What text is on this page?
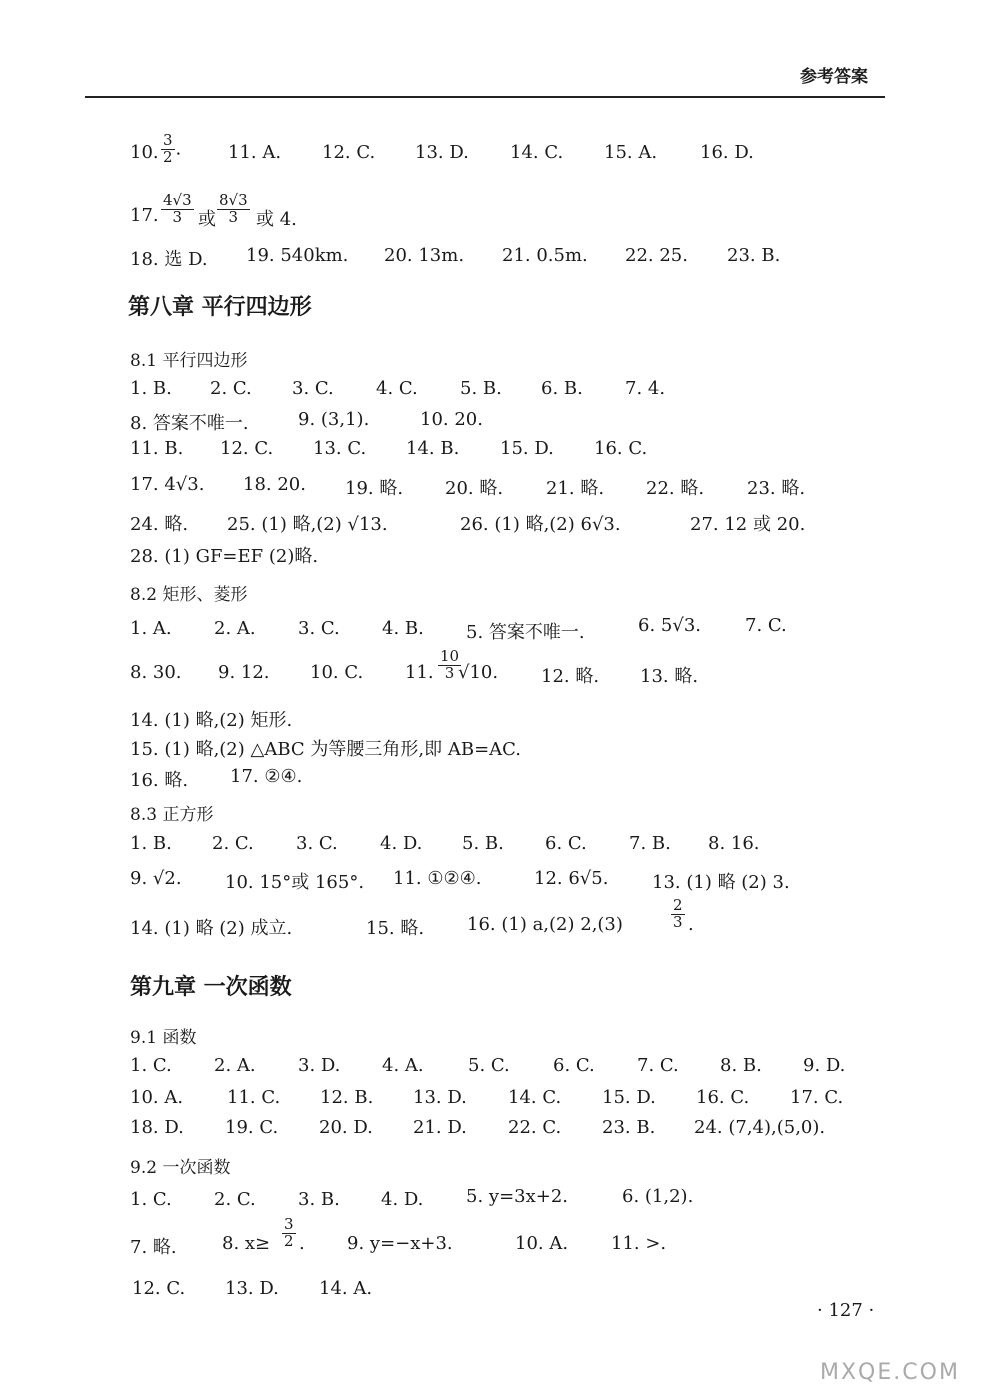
参考答案
10. $\frac{3}{2}$ .	11. A. 12. C. 13. D. 14. C. 15. A. 16. D.
17. $\frac{4√3}{3}$ 或 $\frac{8√3}{3}$ 或 4.
18. 选 D. 19. 540km. 20. 13m. 21. 0.5m. 22. 25. 23. B.
第八章 平行四边形
8.1 平行四边形
1. B. 2. C. 3. C. 4. C. 5. B. 6. B. 7. 4.
8. 答案不唯一.	9. (3,1).	10. 20.
11. B. 12. C. 13. C. 14. B. 15. D. 16. C.
17. 4√3. 18. 20. 19. 略. 20. 略. 21. 略. 22. 略. 23. 略.
24. 略. 25. (1) 略,(2) √13.	26. (1) 略,(2) 6√3.	27. 12 或 20.
28. (1) GF=EF (2)略.
8.2 矩形、菱形
1. A. 2. A. 3. C. 4. B. 5. 答案不唯一.	6. 5√3. 7. C.
8. 30. 9. 12. 10. C. 11. $\frac{10}{3}$
√10. 12. 略. 13. 略.
14. (1) 略,(2) 矩形.
15. (1) 略,(2) △ABC 为等腰三角形,即 AB=AC.
16. 略. 17. ②④.
8.3 正方形
1. B. 2. C. 3. C. 4. D. 5. B. 6. C. 7. B. 8. 16.
9. √2. 10. 15°或 165°. 11. ①②④.	12. 6√5. 13. (1) 略 (2) 3.
14. (1) 略 (2) 成立.	15. 略. 16. (1) a,(2) 2,(3)	$\frac{2}{3}$ .
第九章 一次函数
9.1 函数
1. C. 2. A. 3. D. 4. A. 5. C. 6. C. 7. C. 8. B. 9. D.
10. A. 11. C. 12. B. 13. D. 14. C. 15. D. 16. C. 17. C.
18. D. 19. C. 20. D. 21. D. 22. C. 23. B. 24. (7,4),(5,0).
9.2 一次函数
1. C. 2. C. 3. B. 4. D. 5. y=3x+2.	6. (1,2).
7. 略.	8. $x\ge \frac{3}{2}$ . 9. y=−x+3.	10. A. 11. >.
12. C. 13. D. 14. A.
· 127 ·
MXQE.COM
